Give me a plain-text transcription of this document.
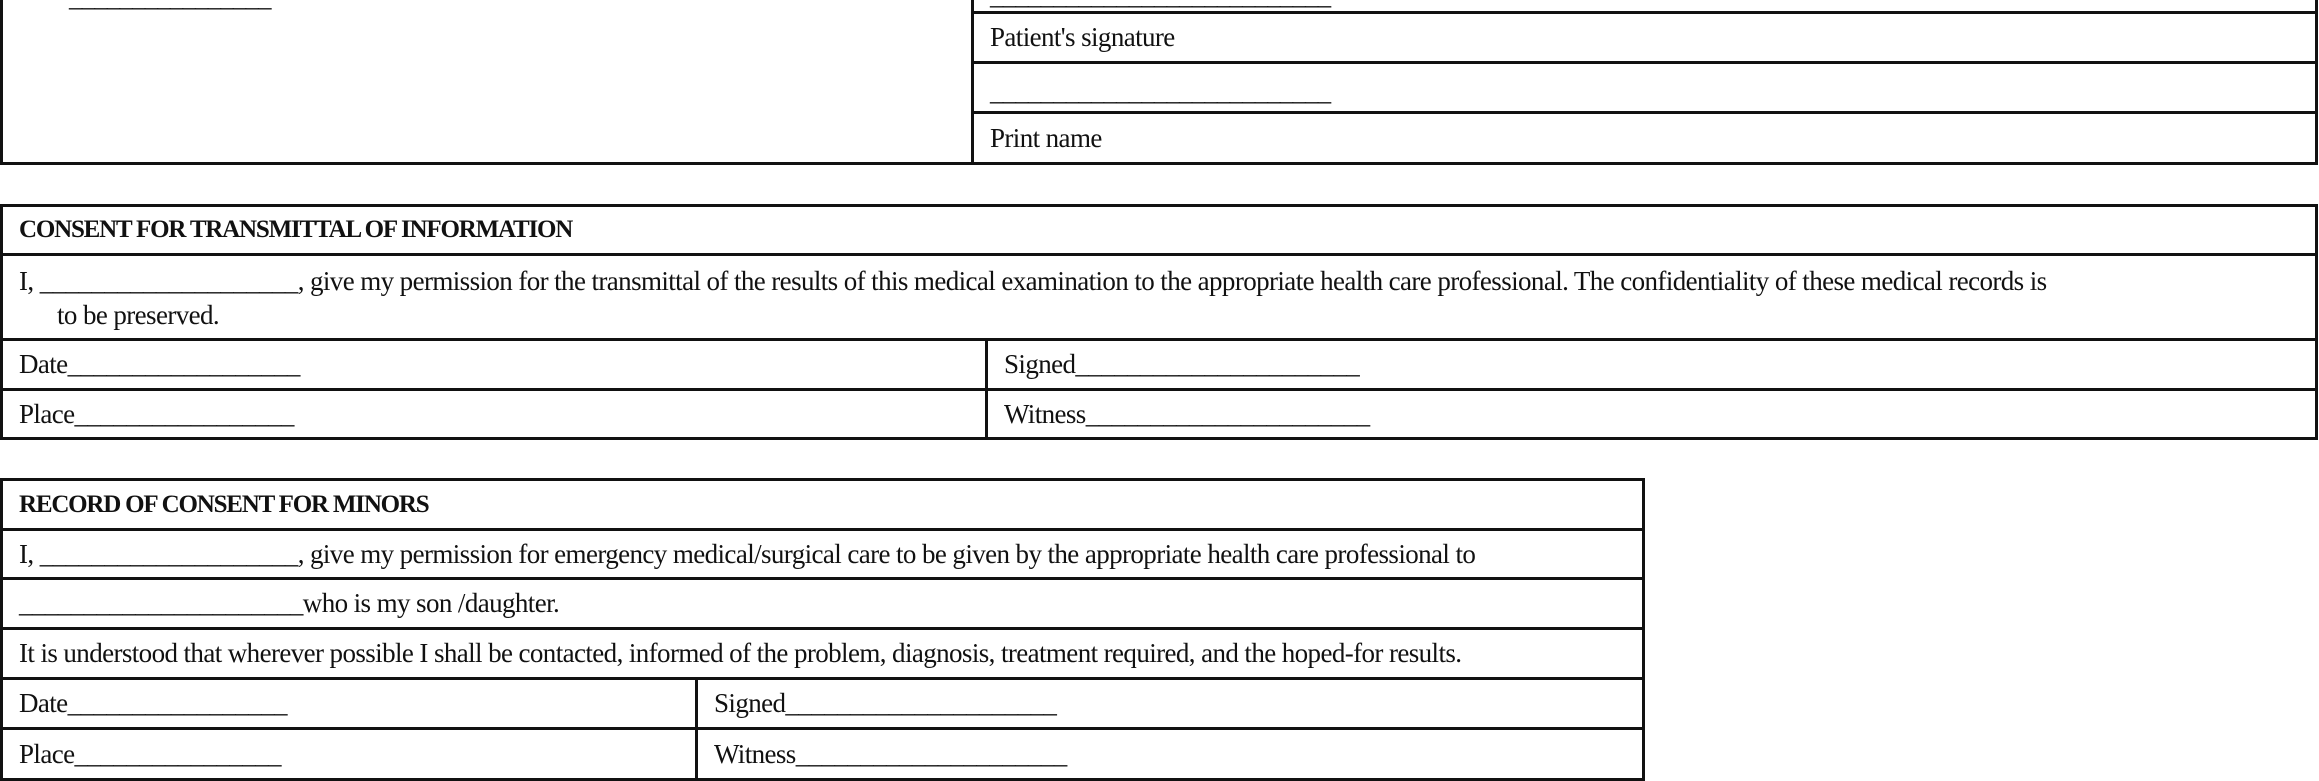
Patient's signature
___________________________
Print name
CONSENT FOR TRANSMITTAL OF INFORMATION
I, ____________________, give my permission for the transmittal of the results of this medical examination to the appropriate health care professional. The confidentiality of these medical records is
to be preserved.
Date__________________	Signed______________________
Place_________________	Witness______________________
RECORD OF CONSENT FOR MINORS
I, ____________________, give my permission for emergency medical/surgical care to be given by the appropriate health care professional to
______________________who is my son /daughter.
It is understood that wherever possible I shall be contacted, informed of the problem, diagnosis, treatment required, and the hoped-for results.
Date_________________	Signed_____________________
Place________________	Witness_____________________
